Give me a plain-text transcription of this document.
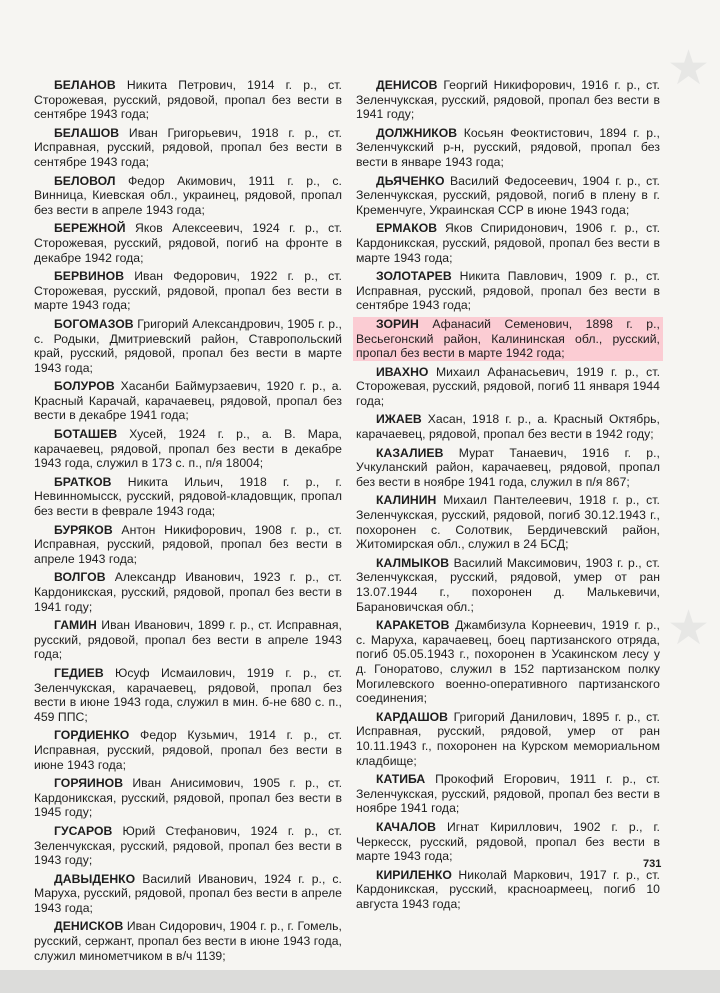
★
★

БЕЛАНОВ Никита Петрович, 1914 г. р., ст. Сторожевая, русский, рядовой, пропал без вести в сентябре 1943 года;

БЕЛАШОВ Иван Григорьевич, 1918 г. р., ст. Исправная, русский, рядовой, пропал без вести в сентябре 1943 года;

БЕЛОВОЛ Федор Акимович, 1911 г. р., с. Винница, Киевская обл., украинец, рядовой, пропал без вести в апреле 1943 года;

БЕРЕЖНОЙ Яков Алексеевич, 1924 г. р., ст. Сторожевая, русский, рядовой, погиб на фронте в декабре 1942 года;

БЕРВИНОВ Иван Федорович, 1922 г. р., ст. Сторожевая, русский, рядовой, пропал без вести в марте 1943 года;

БОГОМАЗОВ Григорий Александрович, 1905 г. р., с. Родыки, Дмитриевский район, Ставропольский край, русский, рядовой, пропал без вести в марте 1943 года;

БОЛУРОВ Хасанби Баймурзаевич, 1920 г. р., а. Красный Карачай, карачаевец, рядовой, пропал без вести в декабре 1941 года;

БОТАШЕВ Хусей, 1924 г. р., а. В. Мара, карачаевец, рядовой, пропал без вести в декабре 1943 года, служил в 173 с. п., п/я 18004;

БРАТКОВ Никита Ильич, 1918 г. р., г. Невинномысск, русский, рядовой-кладовщик, пропал без вести в феврале 1943 года;

БУРЯКОВ Антон Никифорович, 1908 г. р., ст. Исправная, русский, рядовой, пропал без вести в апреле 1943 года;

ВОЛГОВ Александр Иванович, 1923 г. р., ст. Кардоникская, русский, рядовой, пропал без вести в 1941 году;

ГАМИН Иван Иванович, 1899 г. р., ст. Исправная, русский, рядовой, пропал без вести в апреле 1943 года;

ГЕДИЕВ Юсуф Исмаилович, 1919 г. р., ст. Зеленчукская, карачаевец, рядовой, пропал без вести в июне 1943 года, служил в мин. б-не 680 с. п., 459 ППС;

ГОРДИЕНКО Федор Кузьмич, 1914 г. р., ст. Исправная, русский, рядовой, пропал без вести в июне 1943 года;

ГОРЯИНОВ Иван Анисимович, 1905 г. р., ст. Кардоникская, русский, рядовой, пропал без вести в 1945 году;

ГУСАРОВ Юрий Стефанович, 1924 г. р., ст. Зеленчукская, русский, рядовой, пропал без вести в 1943 году;

ДАВЫДЕНКО Василий Иванович, 1924 г. р., с. Маруха, русский, рядовой, пропал без вести в апреле 1943 года;

ДЕНИСКОВ Иван Сидорович, 1904 г. р., г. Гомель, русский, сержант, пропал без вести в июне 1943 года, служил минометчиком в в/ч 1139;

ДЕНИСОВ Георгий Никифорович, 1916 г. р., ст. Зеленчукская, русский, рядовой, пропал без вести в 1941 году;

ДОЛЖНИКОВ Косьян Феоктистович, 1894 г. р., Зеленчукский р-н, русский, рядовой, пропал без вести в январе 1943 года;

ДЬЯЧЕНКО Василий Федосеевич, 1904 г. р., ст. Зеленчукская, русский, рядовой, погиб в плену в г. Кременчуге, Украинская ССР в июне 1943 года;

ЕРМАКОВ Яков Спиридонович, 1906 г. р., ст. Кардоникская, русский, рядовой, пропал без вести в марте 1943 года;

ЗОЛОТАРЕВ Никита Павлович, 1909 г. р., ст. Исправная, русский, рядовой, пропал без вести в сентябре 1943 года;

ЗОРИН Афанасий Семенович, 1898 г. р., Весьегонский район, Калининская обл., русский, пропал без вести в марте 1942 года;

ИВАХНО Михаил Афанасьевич, 1919 г. р., ст. Сторожевая, русский, рядовой, погиб 11 января 1944 года;

ИЖАЕВ Хасан, 1918 г. р., а. Красный Октябрь, карачаевец, рядовой, пропал без вести в 1942 году;

КАЗАЛИЕВ Мурат Танаевич, 1916 г. р., Учкуланский район, карачаевец, рядовой, пропал без вести в ноябре 1941 года, служил в п/я 867;

КАЛИНИН Михаил Пантелеевич, 1918 г. р., ст. Зеленчукская, русский, рядовой, погиб 30.12.1943 г., похоронен с. Солотвик, Бердичевский район, Житомирская обл., служил в 24 БСД;

КАЛМЫКОВ Василий Максимович, 1903 г. р., ст. Зеленчукская, русский, рядовой, умер от ран 13.07.1944 г., похоронен д. Малькевичи, Барановичская обл.;

КАРАКЕТОВ Джамбизула Корнеевич, 1919 г. р., с. Маруха, карачаевец, боец партизанского отряда, погиб 05.05.1943 г., похоронен в Усакинском лесу у д. Гоноратово, служил в 152 партизанском полку Могилевского военно-оперативного партизанского соединения;

КАРДАШОВ Григорий Данилович, 1895 г. р., ст. Исправная, русский, рядовой, умер от ран 10.11.1943 г., похоронен на Курском мемориальном кладбище;

КАТИБА Прокофий Егорович, 1911 г. р., ст. Зеленчукская, русский, рядовой, пропал без вести в ноябре 1941 года;

КАЧАЛОВ Игнат Кириллович, 1902 г. р., г. Черкесск, русский, рядовой, пропал без вести в марте 1943 года;

КИРИЛЕНКО Николай Маркович, 1917 г. р., ст. Кардоникская, русский, красноармеец, погиб 10 августа 1943 года;

731
